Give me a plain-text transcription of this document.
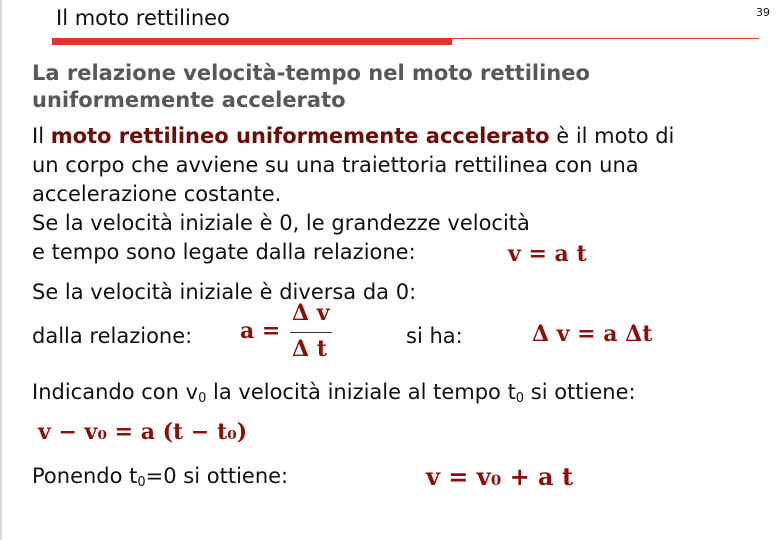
Il moto rettilineo	39
La relazione velocità-tempo nel moto rettilineo
uniformemente accelerato
Il moto rettilineo uniformemente accelerato è il moto di
un corpo che avviene su una traiettoria rettilinea con una
accelerazione costante.
Se la velocità iniziale è 0, le grandezze velocità
e tempo sono legate dalla relazione:	v = a t
Se la velocità iniziale è diversa da 0:
dalla relazione: a =
Δ v
Δ t	si ha:	Δ v = a Δt
Indicando con $v_0$ la velocità iniziale al tempo $t_0$ si ottiene:
v − v₀ = a (t − t₀)
Ponendo $t_0=0$ si ottiene:	v = v₀ + a t
